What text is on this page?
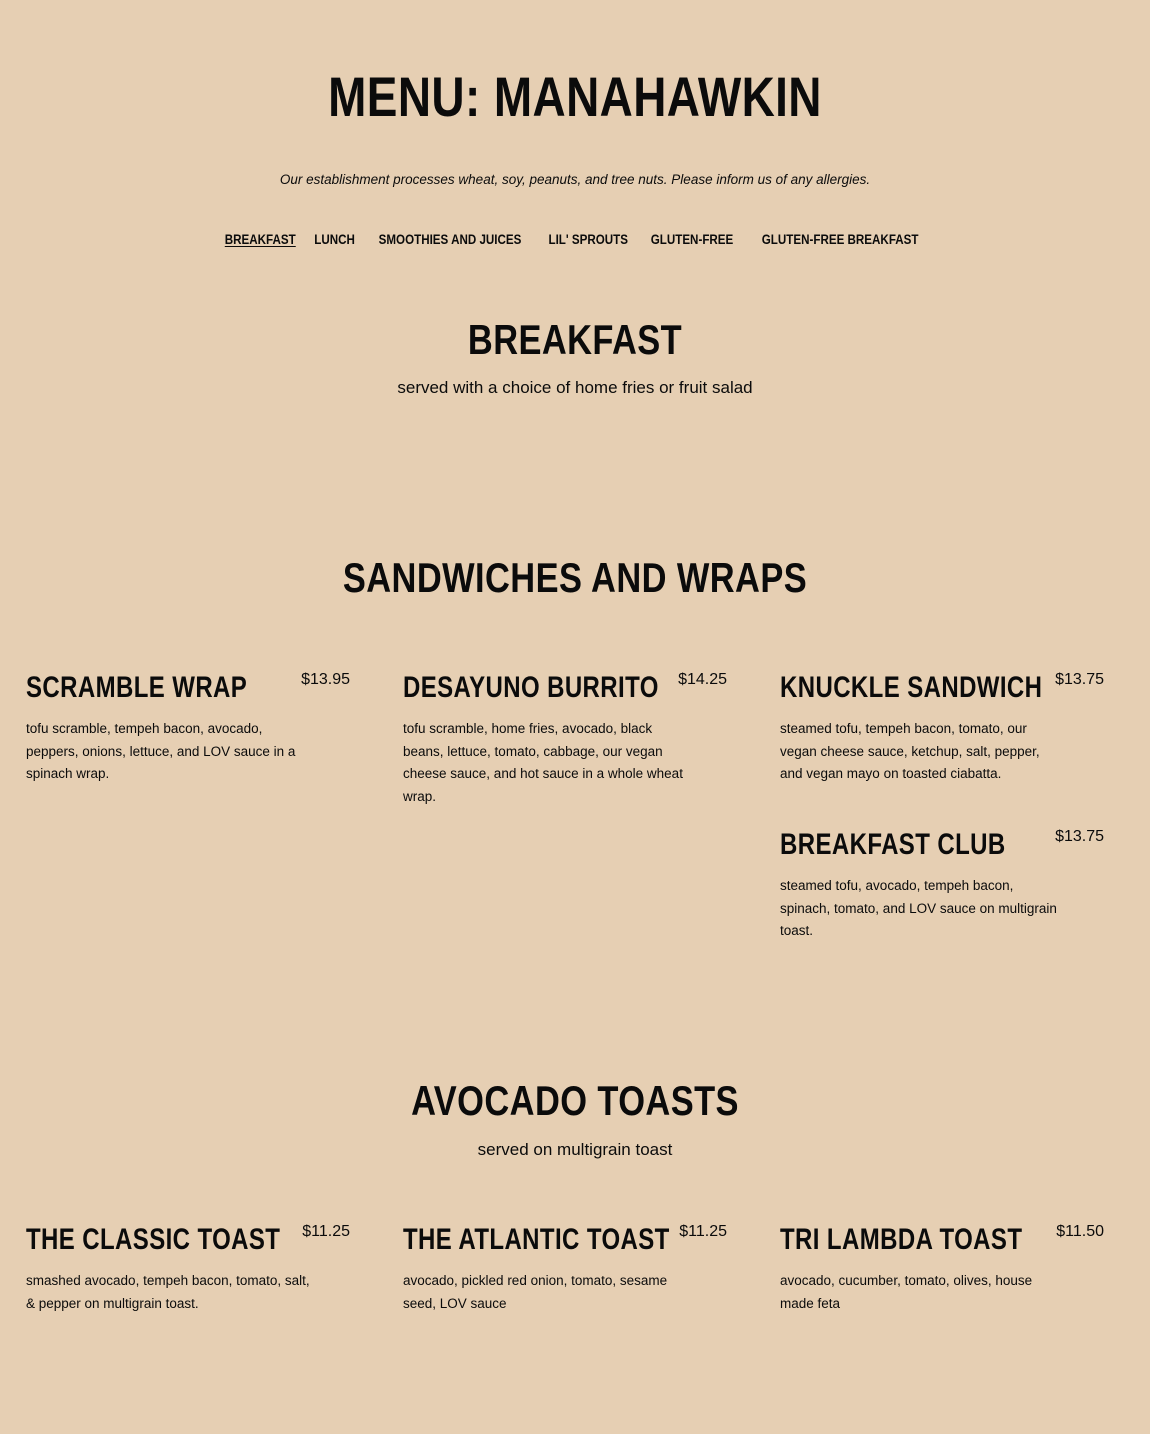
MENU: MANAHAWKIN

Our establishment processes wheat, soy, peanuts, and tree nuts. Please inform us of any allergies.

BREAKFAST LUNCH SMOOTHIES AND JUICES LIL' SPROUTS GLUTEN-FREE GLUTEN-FREE BREAKFAST
BREAKFAST

served with a choice of home fries or fruit salad

SANDWICHES AND WRAPS
SCRAMBLE WRAP	$13.95

tofu scramble, tempeh bacon, avocado, peppers, onions, lettuce, and LOV sauce in a spinach wrap.

DESAYUNO BURRITO $14.25

tofu scramble, home fries, avocado, black beans, lettuce, tomato, cabbage, our vegan cheese sauce, and hot sauce in a whole wheat wrap.

KNUCKLE SANDWICH $13.75

steamed tofu, tempeh bacon, tomato, our vegan cheese sauce, ketchup, salt, pepper, and vegan mayo on toasted ciabatta.

BREAKFAST CLUB	$13.75

steamed tofu, avocado, tempeh bacon, spinach, tomato, and LOV sauce on multigrain toast.

AVOCADO TOASTS

served on multigrain toast

THE CLASSIC TOAST	$11.25

smashed avocado, tempeh bacon, tomato, salt, & pepper on multigrain toast.

THE ATLANTIC TOAST $11.25

avocado, pickled red onion, tomato, sesame seed, LOV sauce

TRI LAMBDA TOAST	$11.50

avocado, cucumber, tomato, olives, house made feta
